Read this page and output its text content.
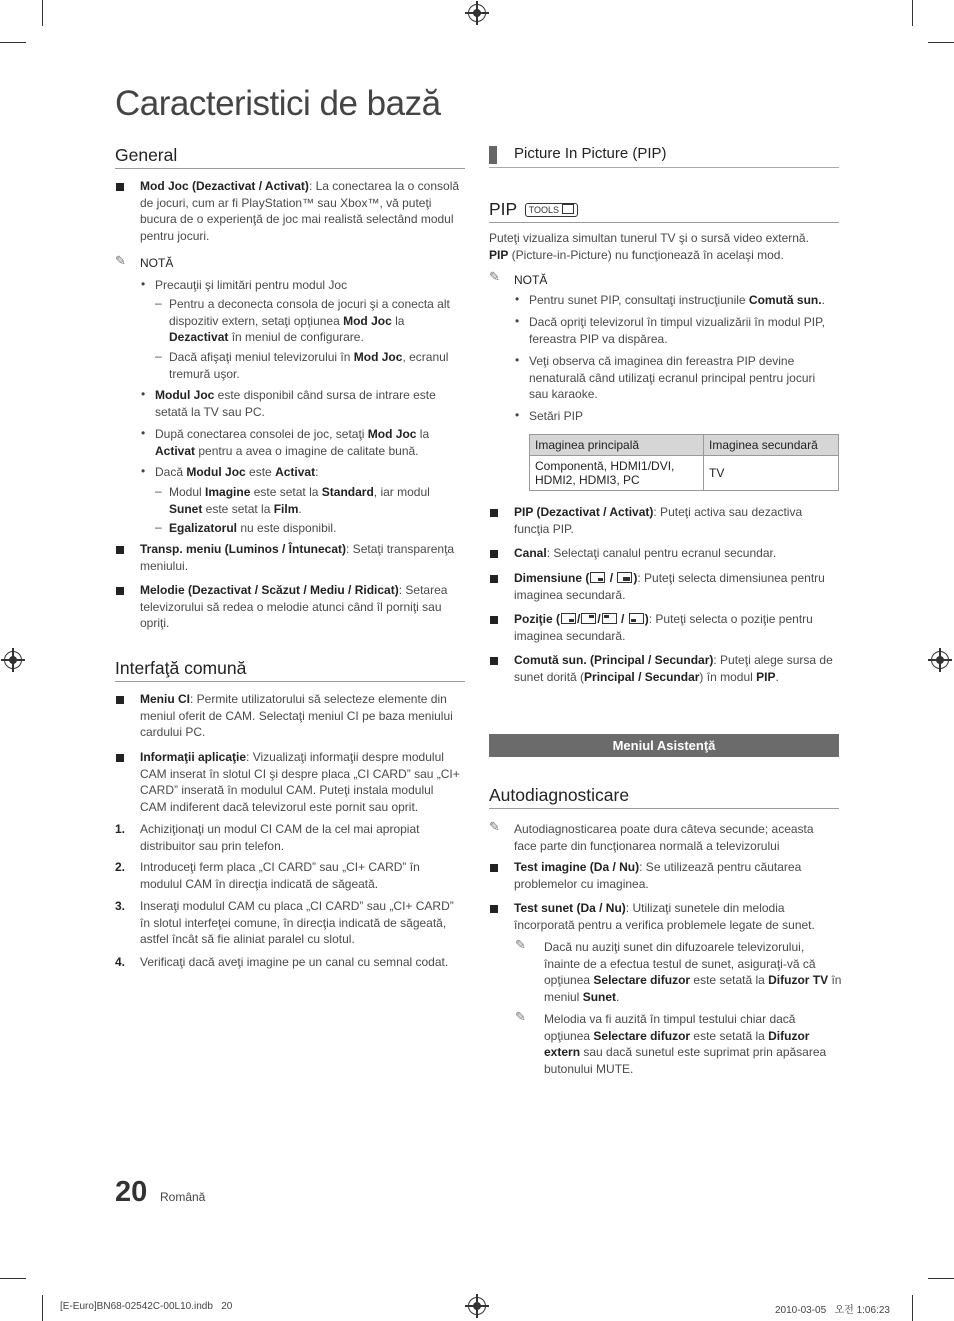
Caracteristici de bază
General
Mod Joc (Dezactivat / Activat): La conectarea la o consolă de jocuri, cum ar fi PlayStation™ sau Xbox™, vă puteţi bucura de o experienţă de joc mai realistă selectând modul pentru jocuri.
✎ NOTĂ
• Precauţii şi limitări pentru modul Joc
– Pentru a deconecta consola de jocuri şi a conecta alt dispozitiv extern, setaţi opţiunea Mod Joc la Dezactivat în meniul de configurare.
– Dacă afişaţi meniul televizorului în Mod Joc, ecranul tremură uşor.
• Modul Joc este disponibil când sursa de intrare este setată la TV sau PC.
• După conectarea consolei de joc, setaţi Mod Joc la Activat pentru a avea o imagine de calitate bună.
• Dacă Modul Joc este Activat:
– Modul Imagine este setat la Standard, iar modul Sunet este setat la Film.
– Egalizatorul nu este disponibil.
Transp. meniu (Luminos / Întunecat): Setaţi transparenţa meniului.
Melodie (Dezactivat / Scăzut / Mediu / Ridicat): Setarea televizorului să redea o melodie atunci când îl porniţi sau opriţi.
Interfaţă comună
Meniu CI: Permite utilizatorului să selecteze elemente din meniul oferit de CAM. Selectaţi meniul CI pe baza meniului cardului PC.
Informaţii aplicaţie: Vizualizaţi informaţii despre modulul CAM inserat în slotul CI şi despre placa „CI CARD” sau „CI+ CARD” inserată în modulul CAM. Puteţi instala modulul CAM indiferent dacă televizorul este pornit sau oprit.
1. Achiziţionaţi un modul CI CAM de la cel mai apropiat distribuitor sau prin telefon.
2. Introduceţi ferm placa „CI CARD” sau „CI+ CARD” în modulul CAM în direcţia indicată de săgeată.
3. Inseraţi modulul CAM cu placa „CI CARD” sau „CI+ CARD” în slotul interfeţei comune, în direcţia indicată de săgeată, astfel încât să fie aliniat paralel cu slotul.
4. Verificaţi dacă aveţi imagine pe un canal cu semnal codat.
Picture In Picture (PIP)
PIP TOOLS
Puteţi vizualiza simultan tunerul TV şi o sursă video externă.
PIP (Picture-in-Picture) nu funcţionează în acelaşi mod.
✎ NOTĂ
• Pentru sunet PIP, consultaţi instrucţiunile Comută sun..
• Dacă opriţi televizorul în timpul vizualizării în modul PIP, fereastra PIP va dispărea.
• Veţi observa că imaginea din fereastra PIP devine nenaturală când utilizaţi ecranul principal pentru jocuri sau karaoke.
• Setări PIP
Imaginea principală	Imaginea secundară
Componentă, HDMI1/DVI, HDMI2, HDMI3, PC	TV
PIP (Dezactivat / Activat): Puteţi activa sau dezactiva funcţia PIP.
Canal: Selectaţi canalul pentru ecranul secundar.
Dimensiune (
/
): Puteţi selecta dimensiunea pentru imaginea secundară.
Poziţie ( / /
/
): Puteţi selecta o poziţie pentru imaginea secundară.
Comută sun. (Principal / Secundar): Puteţi alege sursa de sunet dorită (Principal / Secundar) în modul PIP.
Meniul Asistenţă
Autodiagnosticare
✎ Autodiagnosticarea poate dura câteva secunde; aceasta face parte din funcţionarea normală a televizorului
Test imagine (Da / Nu): Se utilizează pentru căutarea problemelor cu imaginea.
Test sunet (Da / Nu): Utilizaţi sunetele din melodia încorporată pentru a verifica problemele legate de sunet.
✎ Dacă nu auziţi sunet din difuzoarele televizorului, înainte de a efectua testul de sunet, asiguraţi-vă că opţiunea Selectare difuzor este setată la Difuzor TV în meniul Sunet.
✎ Melodia va fi auzită în timpul testului chiar dacă opţiunea Selectare difuzor este setată la Difuzor extern sau dacă sunetul este suprimat prin apăsarea butonului MUTE.
20 Română
[E-Euro]BN68-02542C-00L10.indb   20	2010-03-05   오전 1:06:23
